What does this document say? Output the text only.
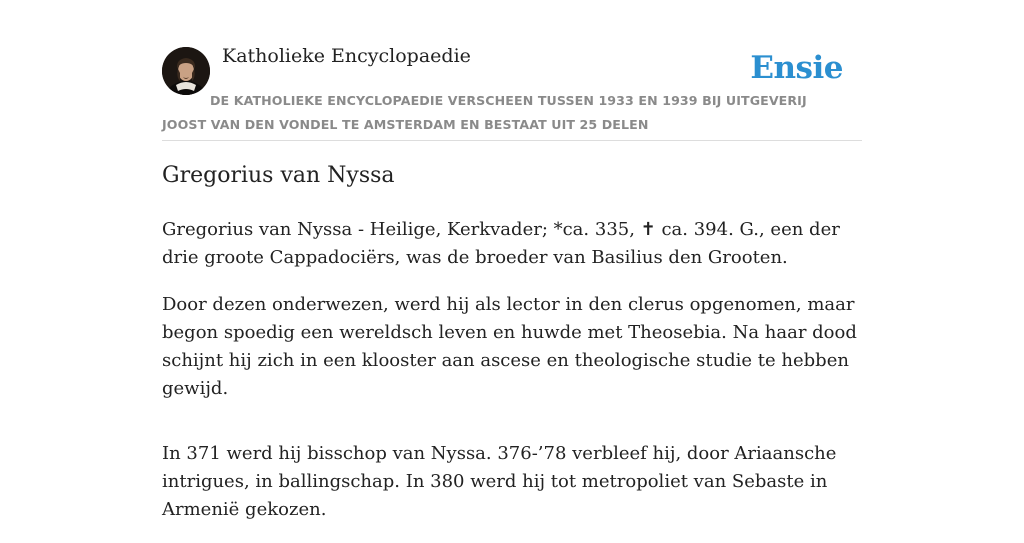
Katholieke Encyclopaedie	Ensie
DE KATHOLIEKE ENCYCLOPAEDIE VERSCHEEN TUSSEN 1933 EN 1939 BIJ UITGEVERIJ JOOST VAN DEN VONDEL TE AMSTERDAM EN BESTAAT UIT 25 DELEN
Gregorius van Nyssa

Gregorius van Nyssa - Heilige, Kerkvader; *ca. 335, ✝ ca. 394. G., een der drie groote Cappadociërs, was de broeder van Basilius den Grooten.

Door dezen onderwezen, werd hij als lector in den clerus opgenomen, maar begon spoedig een wereldsch leven en huwde met Theosebia. Na haar dood schijnt hij zich in een klooster aan ascese en theologische studie te hebben gewijd.

In 371 werd hij bisschop van Nyssa. 376-’78 verbleef hij, door Ariaansche intrigues, in ballingschap. In 380 werd hij tot metropoliet van Sebaste in Armenië gekozen.
